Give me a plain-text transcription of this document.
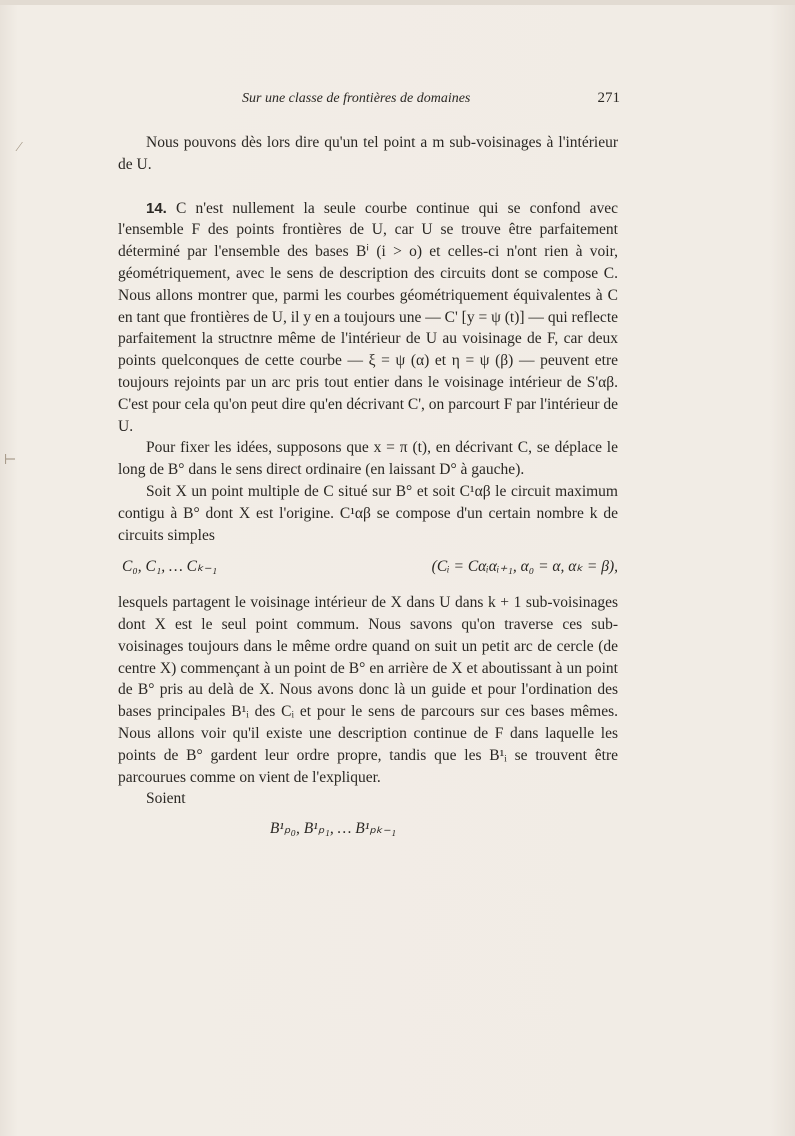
⁄
⊢
Sur une classe de frontières de domaines	271

Nous pouvons dès lors dire qu'un tel point a m sub-voisinages à l'intérieur de U.

14. C n'est nullement la seule courbe continue qui se confond avec l'ensemble F des points frontières de U, car U se trouve être parfaitement déterminé par l'ensemble des bases Bⁱ (i > o) et celles-ci n'ont rien à voir, géométriquement, avec le sens de description des circuits dont se compose C. Nous allons montrer que, parmi les courbes géométriquement équivalentes à C en tant que frontières de U, il y en a toujours une — C' [y = ψ (t)] — qui reflecte parfaitement la structnre même de l'intérieur de U au voisinage de F, car deux points quelconques de cette courbe — ξ = ψ (α) et η = ψ (β) — peuvent etre toujours rejoints par un arc pris tout entier dans le voisinage intérieur de S'αβ. C'est pour cela qu'on peut dire qu'en décrivant C', on parcourt F par l'intérieur de U.

Pour fixer les idées, supposons que x = π (t), en décrivant C, se déplace le long de B° dans le sens direct ordinaire (en laissant D° à gauche).

Soit X un point multiple de C situé sur B° et soit C¹αβ le circuit maximum contigu à B° dont X est l'origine. C¹αβ se compose d'un certain nombre k de circuits simples

C₀, C₁, … Cₖ₋₁	(Cᵢ = Cαᵢαᵢ₊₁, α₀ = α, αₖ = β),

lesquels partagent le voisinage intérieur de X dans U dans k + 1 sub-voisinages dont X est le seul point commum. Nous savons qu'on traverse ces sub-voisinages toujours dans le même ordre quand on suit un petit arc de cercle (de centre X) commençant à un point de B° en arrière de X et aboutissant à un point de B° pris au delà de X. Nous avons donc là un guide et pour l'ordination des bases principales B¹ᵢ des Cᵢ et pour le sens de parcours sur ces bases mêmes. Nous allons voir qu'il existe une description continue de F dans laquelle les points de B° gardent leur ordre propre, tandis que les B¹ᵢ se trouvent être parcourues comme on vient de l'expliquer.

Soient

B¹ₚ₀, B¹ₚ₁, … B¹ₚₖ₋₁
